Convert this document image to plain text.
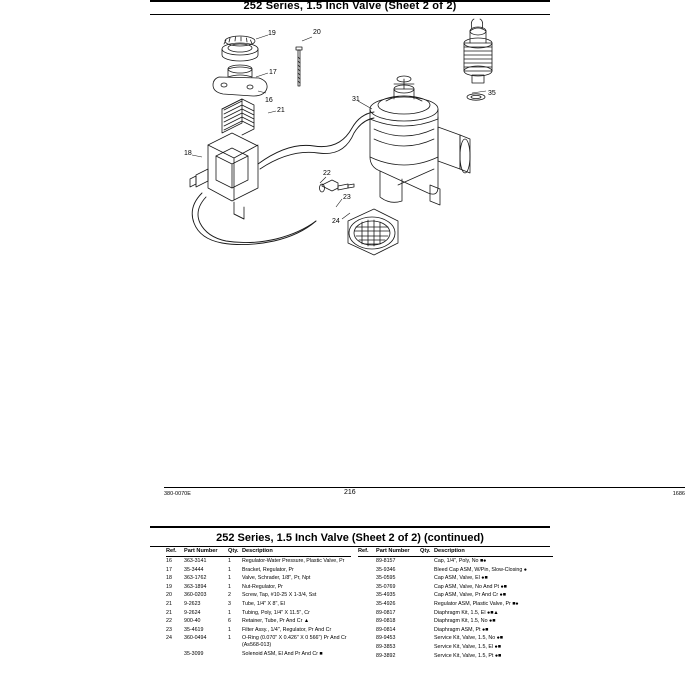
252 Series, 1.5 Inch Valve (Sheet 2 of 2)
19	20
17
16
18
21
22
23
24
31
35
380-0070E	216	1686
252 Series, 1.5 Inch Valve (Sheet 2 of 2) (continued)
Ref.	Part Number	Qty.	Description
16	363-3141	1	Regulator-Water Pressure, Plastic Valve, Pr
17	35-3444	1	Bracket, Regulator, Pr
18	363-1762	1	Valve, Schrader, 1/8", Pr, Npt
19	363-1894	1	Nut-Regulator, Pr
20	360-0203	2	Screw, Tap, #10-25 X 1-3/4, Sst
21	9-2623	3	Tube, 1/4" X 8", El
21	9-2624	1	Tubing, Poly, 1/4" X 11.5", Cr
22	900-40	6	Retainer, Tube, Pr And Cr ▲
23	35-4619	1	Filter Assy., 1/4", Regulator, Pr And Cr
24	360-0494	1	O-Ring (0.070" X 0.426" X 0 566") Pr And Cr (As568-013)
	35-3099		Solenoid ASM, El And Pr And Cr ■
Ref.	Part Number	Qty.	Description
	89-8157		Cap, 1/4", Poly, No ■●
	35-9346		Bleed Cap ASM, W/Pin, Slow-Closing ●
	35-0595		Cap ASM, Valve, El ●■
	35-0769		Cap ASM, Valve, No And Pt ●■
	35-4935		Cap ASM, Valve, Pr And Cr ●■
	35-4926		Regulator ASM, Plastic Valve, Pr ■●
	89-0817		Diaphragm Kit, 1.5, El ●■▲
	89-0818		Diaphragm Kit, 1.5, No ●■
	89-0814		Diaphragm ASM, Pt ●■
	89-9453		Service Kit, Valve, 1.5, No ●■
	89-3853		Service Kit, Valve, 1.5, El ●■
	89-3892		Service Kit, Valve, 1.5, Pt ●■
